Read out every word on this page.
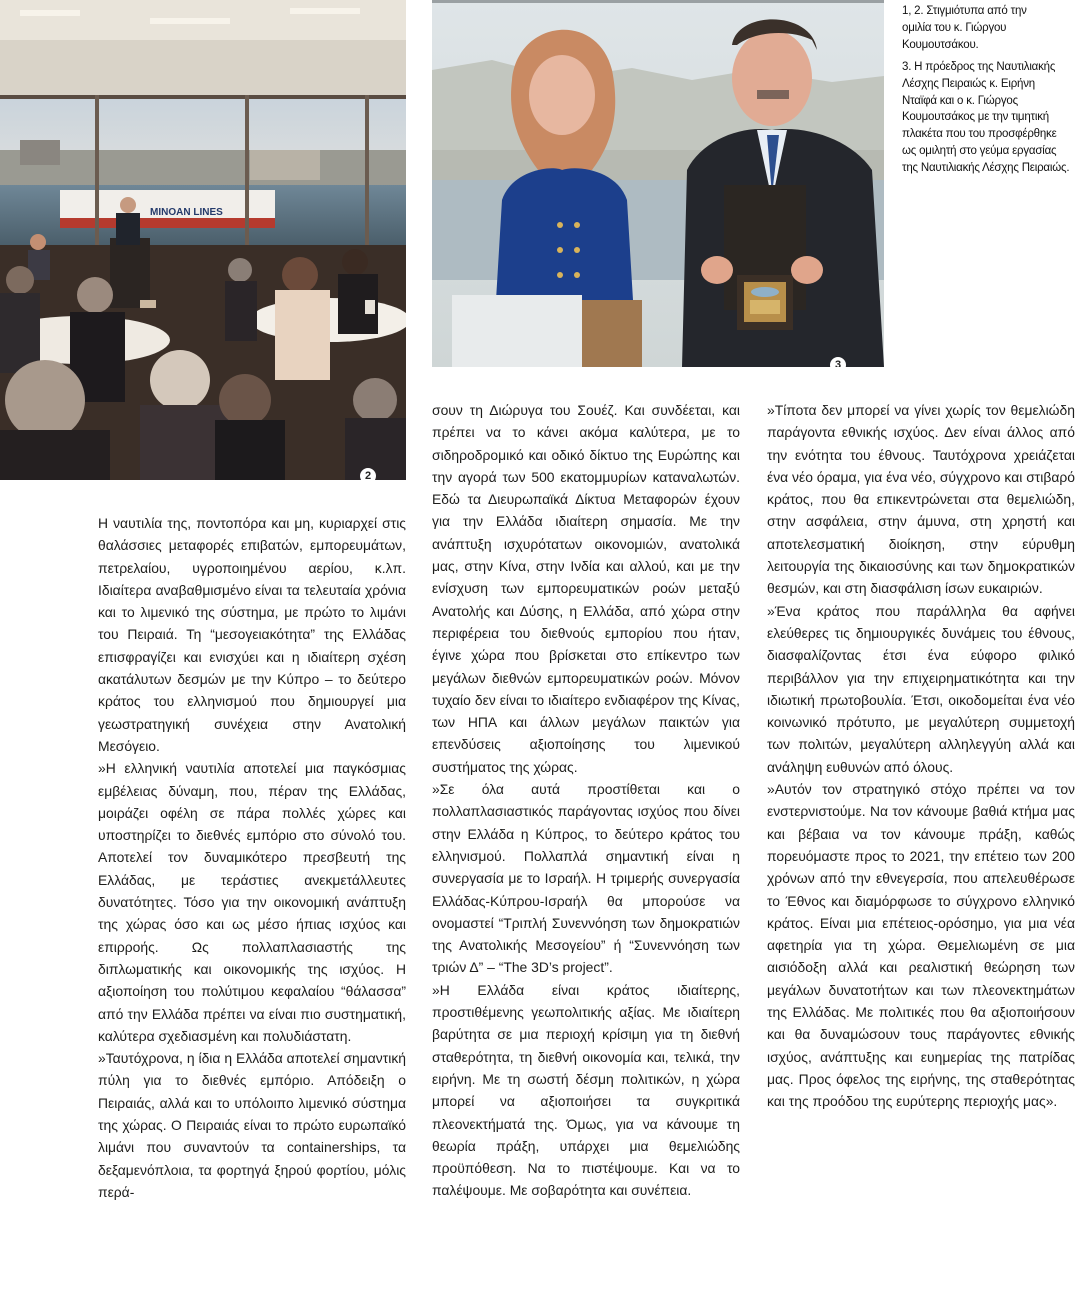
MINOAN LINES
2
3
1, 2. Στιγμιότυπα από την ομιλία του κ. Γιώργου Κουμουτσάκου.
3. Η πρόεδρος της Ναυτιλιακής Λέσχης Πειραιώς κ. Ειρήνη Νταϊφά και ο κ. Γιώργος Κουμουτσάκος με την τιμητική πλακέτα που του προσφέρθηκε ως ομιλητή στο γεύμα εργασίας της Ναυτιλιακής Λέσχης Πειραιώς.

Η ναυτιλία της, ποντοπόρα και μη, κυριαρχεί στις θαλάσσιες μεταφορές επιβατών, εμπορευμάτων, πετρελαίου, υγροποιημένου αερίου, κ.λπ. Ιδιαίτερα αναβαθμισμένο είναι τα τελευταία χρόνια και το λιμενικό της σύστημα, με πρώτο το λιμάνι του Πειραιά. Τη “μεσογειακότητα” της Ελλάδας επισφραγίζει και ενισχύει και η ιδιαίτερη σχέση ακατάλυτων δεσμών με την Κύπρο – το δεύτερο κράτος του ελληνισμού που δημιουργεί μια γεωστρατηγική συνέχεια στην Ανατολική Μεσόγειο.

»Η ελληνική ναυτιλία αποτελεί μια παγκόσμιας εμβέλειας δύναμη, που, πέραν της Ελλάδας, μοιράζει οφέλη σε πάρα πολλές χώρες και υποστηρίζει το διεθνές εμπόριο στο σύνολό του. Αποτελεί τον δυναμικότερο πρεσβευτή της Ελλάδας, με τεράστιες ανεκμετάλλευτες δυνατότητες. Τόσο για την οικονομική ανάπτυξη της χώρας όσο και ως μέσο ήπιας ισχύος και επιρροής. Ως πολλαπλασιαστής της διπλωματικής και οικονομικής της ισχύος. Η αξιοποίηση του πολύτιμου κεφαλαίου “θάλασσα” από την Ελλάδα πρέπει να είναι πιο συστηματική, καλύτερα σχεδιασμένη και πολυδιάστατη.

»Ταυτόχρονα, η ίδια η Ελλάδα αποτελεί σημαντική πύλη για το διεθνές εμπόριο. Απόδειξη ο Πειραιάς, αλλά και το υπόλοιπο λιμενικό σύστημα της χώρας. Ο Πειραιάς είναι το πρώτο ευρωπαϊκό λιμάνι που συναντούν τα containerships, τα δεξαμενόπλοια, τα φορτηγά ξηρού φορτίου, μόλις περά-

σουν τη Διώρυγα του Σουέζ. Και συνδέεται, και πρέπει να το κάνει ακόμα καλύτερα, με το σιδηροδρομικό και οδικό δίκτυο της Ευρώπης και την αγορά των 500 εκατομμυρίων καταναλωτών. Εδώ τα Διευρωπαϊκά Δίκτυα Μεταφορών έχουν για την Ελλάδα ιδιαίτερη σημασία. Με την ανάπτυξη ισχυρότατων οικονομιών, ανατολικά μας, στην Κίνα, στην Ινδία και αλλού, και με την ενίσχυση των εμπορευματικών ροών μεταξύ Ανατολής και Δύσης, η Ελλάδα, από χώρα στην περιφέρεια του διεθνούς εμπορίου που ήταν, έγινε χώρα που βρίσκεται στο επίκεντρο των μεγάλων διεθνών εμπορευματικών ροών. Μόνον τυχαίο δεν είναι το ιδιαίτερο ενδιαφέρον της Κίνας, των ΗΠΑ και άλλων μεγάλων παικτών για επενδύσεις αξιοποίησης του λιμενικού συστήματος της χώρας.

»Σε όλα αυτά προστίθεται και ο πολλαπλασιαστικός παράγοντας ισχύος που δίνει στην Ελλάδα η Κύπρος, το δεύτερο κράτος του ελληνισμού. Πολλαπλά σημαντική είναι η συνεργασία με το Ισραήλ. Η τριμερής συνεργασία Ελλάδας-Κύπρου-Ισραήλ θα μπορούσε να ονομαστεί “Τριπλή Συνεννόηση των δημοκρατιών της Ανατολικής Μεσογείου” ή “Συνεννόηση των τριών Δ” – “The 3D’s project”.

»Η Ελλάδα είναι κράτος ιδιαίτερης, προστιθέμενης γεωπολιτικής αξίας. Με ιδιαίτερη βαρύτητα σε μια περιοχή κρίσιμη για τη διεθνή σταθερότητα, τη διεθνή οικονομία και, τελικά, την ειρήνη. Με τη σωστή δέσμη πολιτικών, η χώρα μπορεί να αξιοποιήσει τα συγκριτικά πλεονεκτήματά της. Όμως, για να κάνουμε τη θεωρία πράξη, υπάρχει μια θεμελιώδης προϋπόθεση. Να το πιστέψουμε. Και να το παλέψουμε. Με σοβαρότητα και συνέπεια.

»Τίποτα δεν μπορεί να γίνει χωρίς τον θεμελιώδη παράγοντα εθνικής ισχύος. Δεν είναι άλλος από την ενότητα του έθνους. Ταυτόχρονα χρειάζεται ένα νέο όραμα, για ένα νέο, σύγχρονο και στιβαρό κράτος, που θα επικεντρώνεται στα θεμελιώδη, στην ασφάλεια, στην άμυνα, στη χρηστή και αποτελεσματική διοίκηση, στην εύρυθμη λειτουργία της δικαιοσύνης και των δημοκρατικών θεσμών, και στη διασφάλιση ίσων ευκαιριών.

»Ένα κράτος που παράλληλα θα αφήνει ελεύθερες τις δημιουργικές δυνάμεις του έθνους, διασφαλίζοντας έτσι ένα εύφορο φιλικό περιβάλλον για την επιχειρηματικότητα και την ιδιωτική πρωτοβουλία. Έτσι, οικοδομείται ένα νέο κοινωνικό πρότυπο, με μεγαλύτερη συμμετοχή των πολιτών, μεγαλύτερη αλληλεγγύη αλλά και ανάληψη ευθυνών από όλους.

»Αυτόν τον στρατηγικό στόχο πρέπει να τον ενστερνιστούμε. Να τον κάνουμε βαθιά κτήμα μας και βέβαια να τον κάνουμε πράξη, καθώς πορευόμαστε προς το 2021, την επέτειο των 200 χρόνων από την εθνεγερσία, που απελευθέρωσε το Έθνος και διαμόρφωσε το σύγχρονο ελληνικό κράτος. Είναι μια επέτειος-ορόσημο, για μια νέα αφετηρία για τη χώρα. Θεμελιωμένη σε μια αισιόδοξη αλλά και ρεαλιστική θεώρηση των μεγάλων δυνατοτήτων και των πλεονεκτημάτων της Ελλάδας. Με πολιτικές που θα αξιοποιήσουν και θα δυναμώσουν τους παράγοντες εθνικής ισχύος, ανάπτυξης και ευημερίας της πατρίδας μας. Προς όφελος της ειρήνης, της σταθερότητας και της προόδου της ευρύτερης περιοχής μας».
